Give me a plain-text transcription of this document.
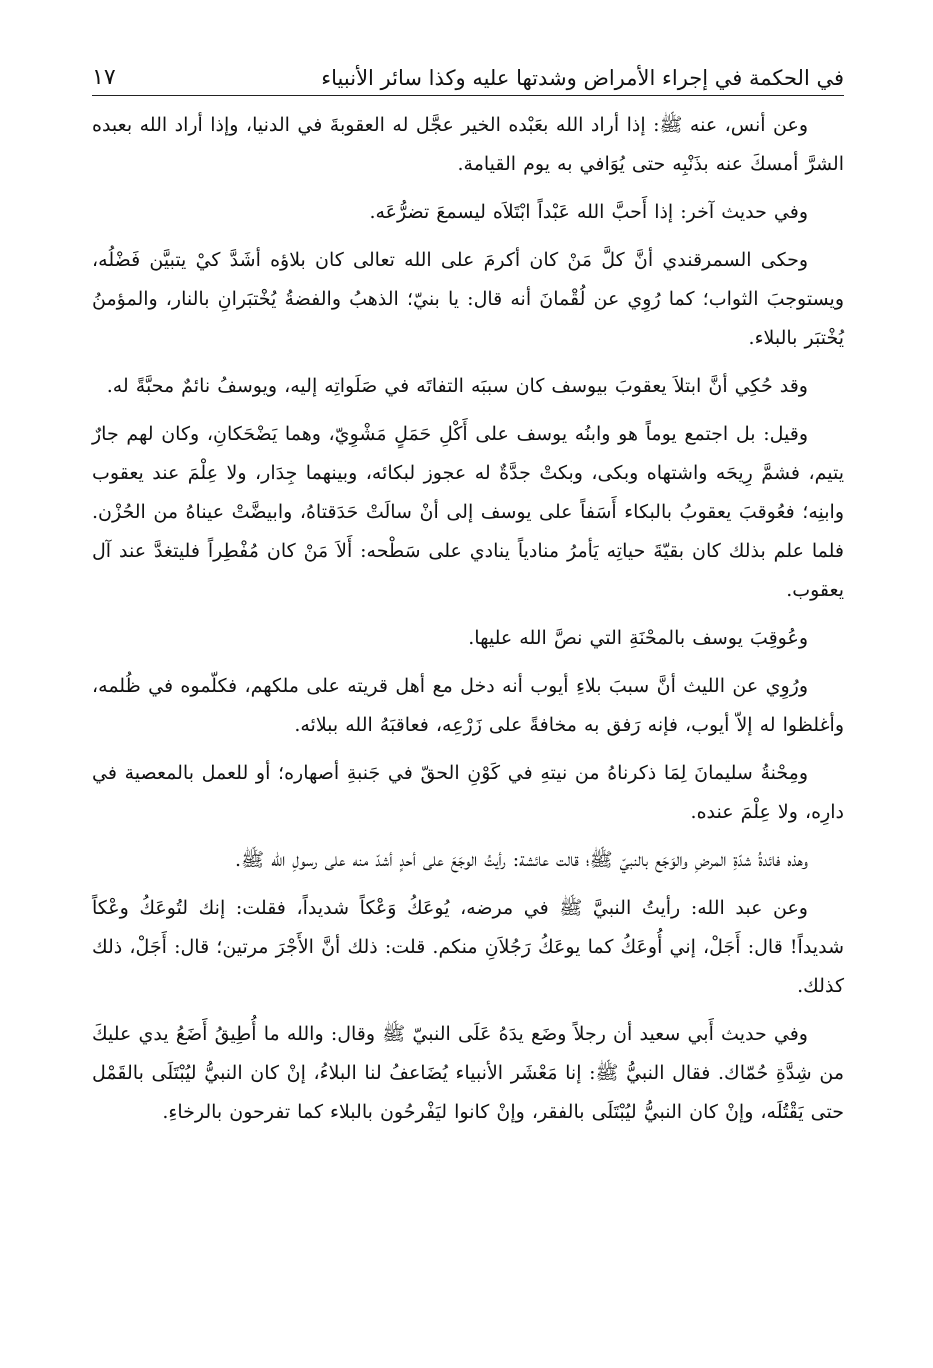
في الحكمة في إجراء الأمراض وشدتها عليه وكذا سائر الأنبياء
١٧

وعن أنس، عنه ﷺ: إذا أراد الله بعَبْده الخير عجَّل له العقوبةَ في الدنيا، وإذا أراد الله بعبده الشرَّ أمسكَ عنه بذَنْبِه حتى يُوَافي به يوم القيامة.

وفي حديث آخر: إذا أَحبَّ الله عَبْداً ابْتَلاَه ليسمعَ تضرُّعَه.

وحكى السمرقندي أنَّ كلَّ مَنْ كان أكرمَ على الله تعالى كان بلاؤه أشَدَّ كيْ يتبيَّن فَضْلُه، ويستوجبَ الثواب؛ كما رُوِي عن لُقْمانَ أنه قال: يا بنيّ؛ الذهبُ والفضةُ يُخْتبَرانِ بالنار، والمؤمنُ يُخْتبَر بالبلاء.

وقد حُكِي أنَّ ابتلاَ يعقوبَ بيوسف كان سببَه التفاتَه في صَلَواتِه إليه، ويوسفُ نائمٌ محبَّةً له.

وقيل: بل اجتمع يوماً هو وابنُه يوسف على أَكْلِ حَمَلٍ مَشْوِيّ، وهما يَضْحَكانِ، وكان لهم جارٌ يتيم، فشمَّ رِيحَه واشتهاه وبكى، وبكتْ جدَّةٌ له عجوز لبكائه، وبينهما جِدَار، ولا عِلْمَ عند يعقوب وابنِه؛ فعُوقبَ يعقوبُ بالبكاء أَسَفاً على يوسف إلى أنْ سالَتْ حَدَقتاهُ، وابيضَّتْ عيناهُ من الحُزْن. فلما علم بذلك كان بقيّةَ حياتِه يَأمرُ منادياً ينادي على سَطْحه: أَلاَ مَنْ كان مُفْطِراً فليتغدَّ عند آل يعقوب.

وعُوقِبَ يوسف بالمحْنَةِ التي نصَّ الله عليها.

ورُوِي عن الليث أنَّ سببَ بلاءِ أيوب أنه دخل مع أهل قريته على ملكهم، فكلّموه في ظُلمه، وأغلظوا له إلاّ أيوب، فإنه رَفق به مخافةً على زَرْعِه، فعاقبَهُ الله ببلائه.

ومِحْنةُ سليمانَ لِمَا ذكرناهُ من نيتهِ في كَوْنِ الحقّ في جَنبةِ أصهاره؛ أو للعمل بالمعصية في دارِه، ولا عِلْمَ عنده.

وهذه فائدةُ شدّةِ المرضِ والوَجَع بالنبيّ ﷺ؛ قالت عائشة: رأيتُ الوجَعَ على أحدٍ أشدّ منه على رسولِ الله ﷺ.

وعن عبد الله: رأيتُ النبيَّ ﷺ في مرضه، يُوعَكُ وَعْكاً شديداً، فقلت: إنك لتُوعَكُ وعْكاً شديداً! قال: أَجَلْ، إني أُوعَكُ كما يوعَكُ رَجُلاَنِ منكم. قلت: ذلك أنَّ الأَجْرَ مرتين؛ قال: أَجَلْ، ذلك كذلك.

وفي حديث أَبي سعيد أن رجلاً وضَع يدَهُ عَلَى النبيّ ﷺ وقال: والله ما أُطِيقُ أَضَعُ يدي عليكَ من شِدَّةِ حُمّاك. فقال النبيُّ ﷺ: إنا مَعْشَر الأنبياء يُضَاعفُ لنا البلاءُ، إنْ كان النبيُّ ليُبْتَلَى بالقَمْل حتى يَقْتُلَه، وإنْ كان النبيُّ ليُبْتَلَى بالفقر، وإنْ كانوا ليَفْرحُون بالبلاء كما تفرحون بالرخاءِ.
